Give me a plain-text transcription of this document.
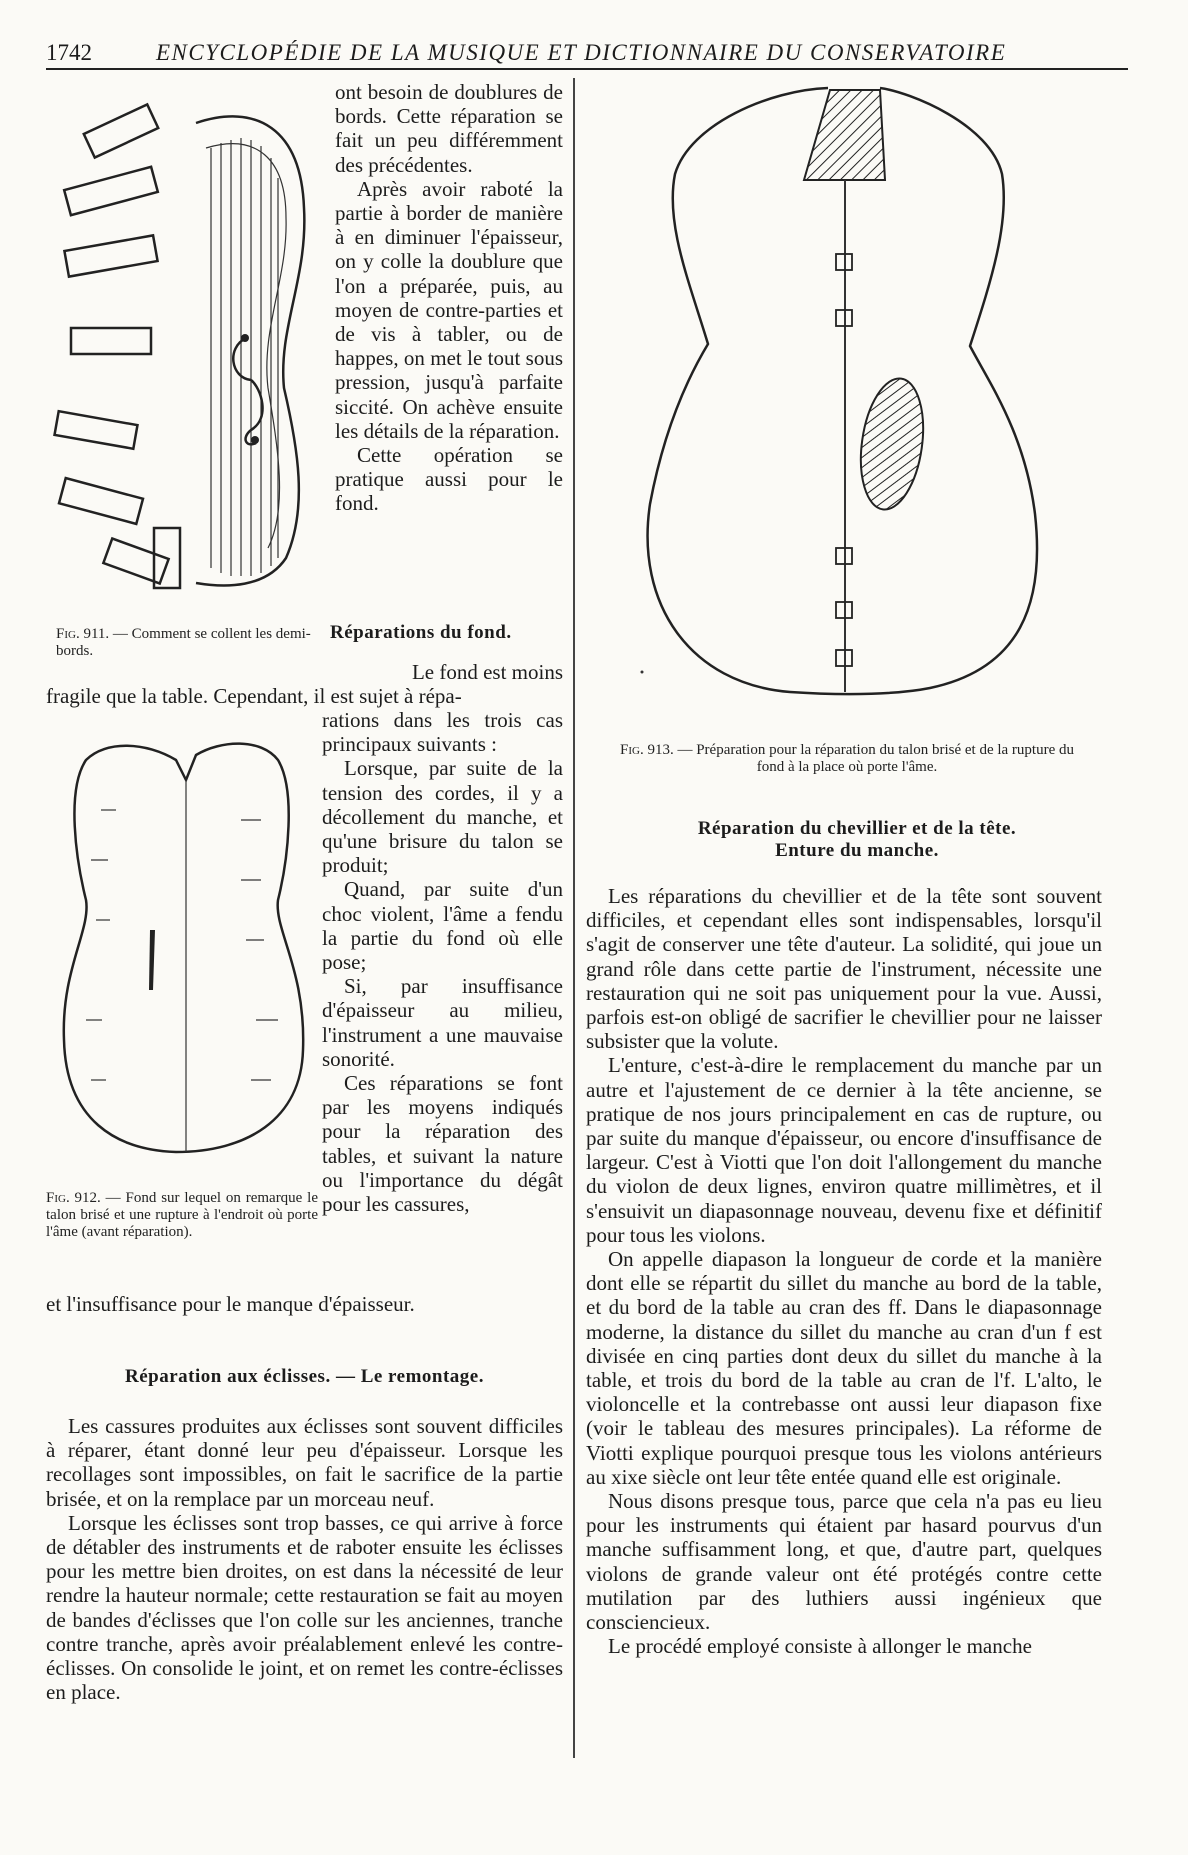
1742	ENCYCLOPÉDIE DE LA MUSIQUE ET DICTIONNAIRE DU CONSERVATOIRE

ont besoin de doublures de bords. Cette réparation se fait un peu différemment des précédentes.

Après avoir raboté la partie à border de manière à en diminuer l'épaisseur, on y colle la doublure que l'on a préparée, puis, au moyen de contre-parties et de vis à tabler, ou de happes, on met le tout sous pression, jusqu'à parfaite siccité. On achève ensuite les détails de la réparation.

Cette opération se pratique aussi pour le fond.

Fig. 911. — Comment se collent les demi-bords.
Réparations du fond.
Le fond est moins
fragile que la table. Cependant, il est sujet à répa-

rations dans les trois cas principaux suivants :

Lorsque, par suite de la tension des cordes, il y a décollement du manche, et qu'une brisure du talon se produit;

Quand, par suite d'un choc violent, l'âme a fendu la partie du fond où elle pose;

Si, par insuffisance d'épaisseur au milieu, l'instrument a une mauvaise sonorité.

Ces réparations se font par les moyens indiqués pour la réparation des tables, et suivant la nature ou l'importance du dégât pour les cassures,

Fig. 912. — Fond sur lequel on remarque le talon brisé et une rupture à l'endroit où porte l'âme (avant réparation).
et l'insuffisance pour le manque d'épaisseur.
Réparation aux éclisses. — Le remontage.

Les cassures produites aux éclisses sont souvent difficiles à réparer, étant donné leur peu d'épaisseur. Lorsque les recollages sont impossibles, on fait le sacrifice de la partie brisée, et on la remplace par un morceau neuf.

Lorsque les éclisses sont trop basses, ce qui arrive à force de détabler des instruments et de raboter ensuite les éclisses pour les mettre bien droites, on est dans la nécessité de leur rendre la hauteur normale; cette restauration se fait au moyen de bandes d'éclisses que l'on colle sur les anciennes, tranche contre tranche, après avoir préalablement enlevé les contre-éclisses. On consolide le joint, et on remet les contre-éclisses en place.

Fig. 913. — Préparation pour la réparation du talon brisé et de la rupture du fond à la place où porte l'âme.
Réparation du chevillier et de la tête.
Enture du manche.

Les réparations du chevillier et de la tête sont souvent difficiles, et cependant elles sont indispensables, lorsqu'il s'agit de conserver une tête d'auteur. La solidité, qui joue un grand rôle dans cette partie de l'instrument, nécessite une restauration qui ne soit pas uniquement pour la vue. Aussi, parfois est-on obligé de sacrifier le chevillier pour ne laisser subsister que la volute.

L'enture, c'est-à-dire le remplacement du manche par un autre et l'ajustement de ce dernier à la tête ancienne, se pratique de nos jours principalement en cas de rupture, ou par suite du manque d'épaisseur, ou encore d'insuffisance de largeur. C'est à Viotti que l'on doit l'allongement du manche du violon de deux lignes, environ quatre millimètres, et il s'ensuivit un diapasonnage nouveau, devenu fixe et définitif pour tous les violons.

On appelle diapason la longueur de corde et la manière dont elle se répartit du sillet du manche au bord de la table, et du bord de la table au cran des ff. Dans le diapasonnage moderne, la distance du sillet du manche au cran d'un f est divisée en cinq parties dont deux du sillet du manche à la table, et trois du bord de la table au cran de l'f. L'alto, le violoncelle et la contrebasse ont aussi leur diapason fixe (voir le tableau des mesures principales). La réforme de Viotti explique pourquoi presque tous les violons antérieurs au xixe siècle ont leur tête entée quand elle est originale.

Nous disons presque tous, parce que cela n'a pas eu lieu pour les instruments qui étaient par hasard pourvus d'un manche suffisamment long, et que, d'autre part, quelques violons de grande valeur ont été protégés contre cette mutilation par des luthiers aussi ingénieux que consciencieux.

Le procédé employé consiste à allonger le manche
